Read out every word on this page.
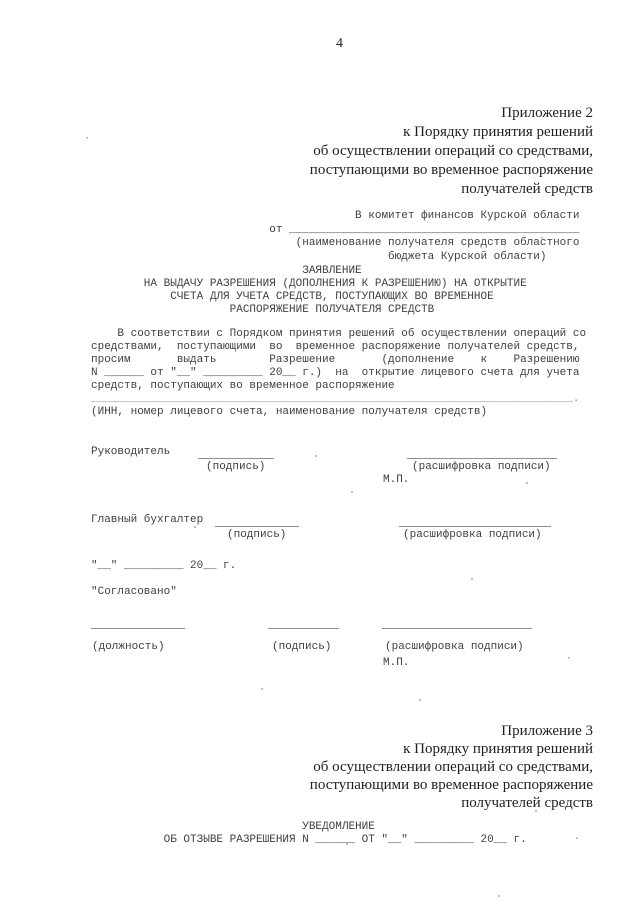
4
Приложение 2
к Порядку принятия решений
об осуществлении операций со средствами,
поступающими во временное распоряжение
получателей средств
В комитет финансов Курской области
от ____________________________________________
(наименование получателя средств областного
бюджета Курской области)
ЗАЯВЛЕНИЕ
НА ВЫДАЧУ РАЗРЕШЕНИЯ (ДОПОЛНЕНИЯ К РАЗРЕШЕНИЮ) НА ОТКРЫТИЕ
СЧЕТА ДЛЯ УЧЕТА СРЕДСТВ, ПОСТУПАЮЩИХ ВО ВРЕМЕННОЕ
РАСПОРЯЖЕНИЕ ПОЛУЧАТЕЛЯ СРЕДСТВ
В соответствии с Порядком принятия решений об осуществлении операций со
средствами,  поступающими  во  временное распоряжение получателей средств,
просим       выдать        Разрешение       (дополнение    к    Разрешению
N ______ от "__" _________ 20__ г.)  на  открытие лицевого счета для учета
средств, поступающих во временное распоряжение
_________________________________________________________________________.
(ИНН, номер лицевого счета, наименование получателя средств)
Руководитель
(подпись)	(расшифровка подписи)
М.П.
Главный бухгалтер
(подпись)	(расшифровка подписи)
"__" _________ 20__ г.
"Согласовано"
(должность)	(подпись)	(расшифровка подписи)
М.П.
Приложение 3
к Порядку принятия решений
об осуществлении операций со средствами,
поступающими во временное распоряжение
получателей средств
УВЕДОМЛЕНИЕ
ОБ ОТЗЫВЕ РАЗРЕШЕНИЯ N ______ ОТ "__" _________ 20__ г.
